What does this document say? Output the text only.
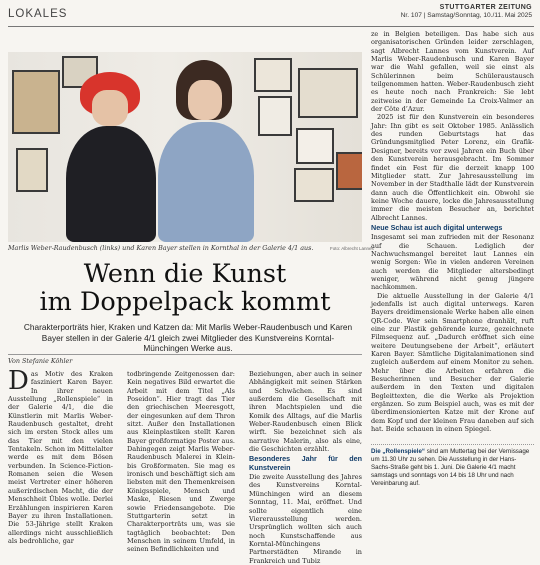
LOKALES
STUTTGARTER ZEITUNG
Nr. 107 | Samstag/Sonntag, 10./11. Mai 2025
Marlis Weber-Raudenbusch (links) und Karen Bayer stellen in Kornthal in der Galerie 4/1 aus.	Foto: Albrecht Lannes
Wenn die Kunst
im Doppelpack kommt
Charakterporträts hier, Kraken und Katzen da: Mit Marlis Weber-Raudenbusch und Karen Bayer stellen in der Galerie 4/1 gleich zwei Mitglieder des Kunstvereins Korntal-Münchingen Werke aus.
Von Stefanie Köhler
D as Motiv des Kraken fasziniert Karen Bayer. In ihrer neuen Ausstellung „Rollenspiele“ in der Galerie 4/1, die die Künstlerin mit Marlis Weber-Raudenbusch gestaltet, dreht sich im ersten Stock alles um das Tier mit den vielen Tentakeln. Schon im Mittelalter werde es mit dem Bösen verbunden. In Science-Fiction-Romanen seien die Wesen meist Vertreter einer höheren außerirdischen Macht, die der Menschheit Übles wolle. Derlei Erzählungen inspirieren Karen Bayer zu ihren Installationen. Die 53-Jährige stellt Kraken allerdings nicht ausschließlich als bedrohliche, gar

todbringende Zeitgenossen dar: Kein negatives Bild erwartet die Arbeit mit dem Titel „Als Poseidon“. Hier tragt das Tier den griechischen Meeresgott, der eingesunken auf dem Thron sitzt. Außer den Installationen aus Kleinplastiken stellt Karen Bayer großformatige Poster aus. Dahingegen zeigt Marlis Weber-Raudenbusch Malerei in Klein- bis Großformaten. Sie mag es ironisch und beschäftigt sich am liebsten mit den Themenkreisen Königsspiele, Mensch und Maske, Riesen und Zwerge sowie Friedensangebote. Die Stuttgarterin setzt in Charakterporträts um, was sie tagtäglich beobachtet: Den Menschen in seinem Umfeld, in seinen Befindlichkeiten und

Beziehungen, aber auch in seiner Abhängigkeit mit seinen Stärken und Schwächen. Es sind außerdem die Gesellschaft mit ihren Machtspielen und die Komik des Alltags, auf die Marlis Weber-Raudenbusch einen Blick wirft. Sie bezeichnet sich als narrative Malerin, also als eine, die Geschichten erzählt.

Besonderes Jahr für den Kunstverein

Die zweite Ausstellung des Jahres des Kunstvereins Korntal-Münchingen wird an diesem Sonntag, 11. Mai, eröffnet. Und sollte eigentlich eine Viererausstellung werden. Ursprünglich wollten sich auch noch Kunstschaffende aus Korntal-Münchingens Partnerstädten Mirande in Frankreich und Tubiz

ze in Belgien beteiligen. Das habe sich aus organisatorischen Gründen leider zerschlagen, sagt Albrecht Lannes vom Kunstverein. Auf Marlis Weber-Raudenbusch und Karen Bayer war die Wahl gefallen, weil sie einst als Schülerinnen beim Schüleraustausch teilgenommen hatten. Weber-Raudenbusch zieht es heute noch nach Frankreich: Sie lebt zeitweise in der Gemeinde La Croix-Valmer an der Côte d’Azur.

2025 ist für den Kunstverein ein besonderes Jahr: Ihn gibt es seit Oktober 1985. Anlässlich des runden Geburtstags hat das Gründungsmitglied Peter Lorenz, ein Grafik-Designer, bereits vor zwei Jahren ein Buch über den Kunstverein herausgebracht. Im Sommer findet ein Fest für die derzeit knapp 100 Mitglieder statt. Zur Jahresausstellung im November in der Stadthalle lädt der Kunstverein dann auch die Öffentlichkeit ein. Obwohl sie keine Woche dauere, locke die Jahresausstellung immer die meisten Besucher an, berichtet Albrecht Lannes.

Neue Schau ist auch digital unterwegs

Insgesamt sei man zufrieden mit der Resonanz auf die Schauen. Lediglich der Nachwuchsmangel bereitet laut Lannes ein wenig Sorgen: Wie in vielen anderen Vereinen auch werden die Mitglieder altersbedingt weniger, während nicht genug jüngere nachkommen.

Die aktuelle Ausstellung in der Galerie 4/1 jedenfalls ist auch digital unterwegs. Karen Bayers dreidimensionale Werke haben alle einen QR-Code. Wer sein Smartphone dranhält, ruft eine zur Plastik gehörende kurze, gezeichnete Filmsequenz auf. „Dadurch eröffnet sich eine weitere Deutungsebene der Arbeit“, erläutert Karen Bayer. Sämtliche Digitalanimationen sind zugleich außerdem auf einem Monitor zu sehen. Mehr über die Arbeiten erfahren die Besucherinnen und Besucher der Galerie außerdem in den Texten und digitalen Begleittexten, die die Werke als Projektion ergänzen. So zum Beispiel auch, was es mit der überdimensionierten Katze mit der Krone auf dem Kopf und der kleinen Frau daneben auf sich hat. Beide schauen in einen Spiegel.

Die „Rollenspiele“ sind am Muttertag bei der Vernissage um 11.30 Uhr zu sehen. Die Ausstellung in der Hans-Sachs-Straße geht bis 1. Juni. Die Galerie 4/1 macht samstags und sonntags von 14 bis 18 Uhr und nach Vereinbarung auf.
